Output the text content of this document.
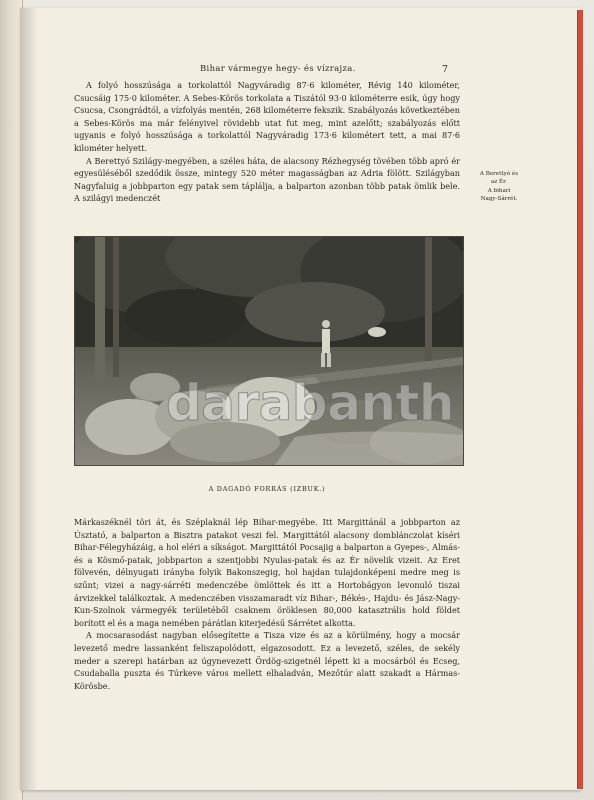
Bihar vármegye hegy- és vízrajza.	7

A folyó hosszúsága a torkolattól Nagyváradig 87·6 kilométer, Révig 140 kilométer, Csucsáig 175·0 kilométer. A Sebes-Körös torkolata a Tiszától 93·0 kilométerre esik, úgy hogy Csucsa, Csongrádtól, a vízfolyás mentén, 268 kilométerre fekszik. Szabályozás következtében a Sebes-Körös ma már felényivel rövidebb utat fut meg, mint azelőtt; szabályozás előtt ugyanis e folyó hosszúsága a torkolattól Nagyváradig 173·6 kilométert tett, a mai 87·6 kilométer helyett.

A Berettyó Szilágy-megyében, a széles háta, de alacsony Rézhegység tövében több apró ér egyesüléséből szedődik össze, mintegy 520 méter magasságban az Adria fölött. Szilágyban Nagyfaluig a jobbparton egy patak sem táplálja, a balparton azonban több patak ömlik bele. A szilágyi medenczét

A Berettyó és
az Ér.
A bihari
Nagy-Sárrét.
A DAGADÓ FORRÁS (IZBUK.)

Márkaszéknél töri át, és Széplaknál lép Bihar-megyébe. Itt Margittánál a jobbparton az Úsztató, a balparton a Bisztra patakot veszi fel. Margittától alacsony domblánczolat kíséri Bihar-Félegyházáig, a hol eléri a síkságot. Margittától Pocsajig a balparton a Gyepes-, Almás- és a Kösmő-patak, jobbparton a szentjobbi Nyulas-patak és az Ér növelik vizeit. Az Eret fölvevén, délnyugati irányba folyik Bakonszegig, hol hajdan tulajdonképeni medre meg is szűnt; vizei a nagy-sárréti medenczébe ömlöttek és itt a Hortobágyon levonuló tiszai árvizekkel találkoztak. A medenczében visszamaradt víz Bihar-, Békés-, Hajdu- és Jász-Nagy-Kun-Szolnok vármegyék területéből csaknem öröklesen 80,000 katasztrális hold földet borított el és a maga nemében párátlan kiterjedésű Sárrétet alkotta.

A mocsarasodást nagyban elősegítette a Tisza vize és az a körülmény, hogy a mocsár levezető medre lassanként feliszapolódott, elgazosodott. Ez a levezető, széles, de sekély meder a szerepi határban az úgynevezett Ördög-szigetnél lépett ki a mocsárból és Ecseg, Csudaballa puszta és Túrkeve város mellett elhaladván, Mezőtúr alatt szakadt a Hármas-Körösbe.

darabanth
